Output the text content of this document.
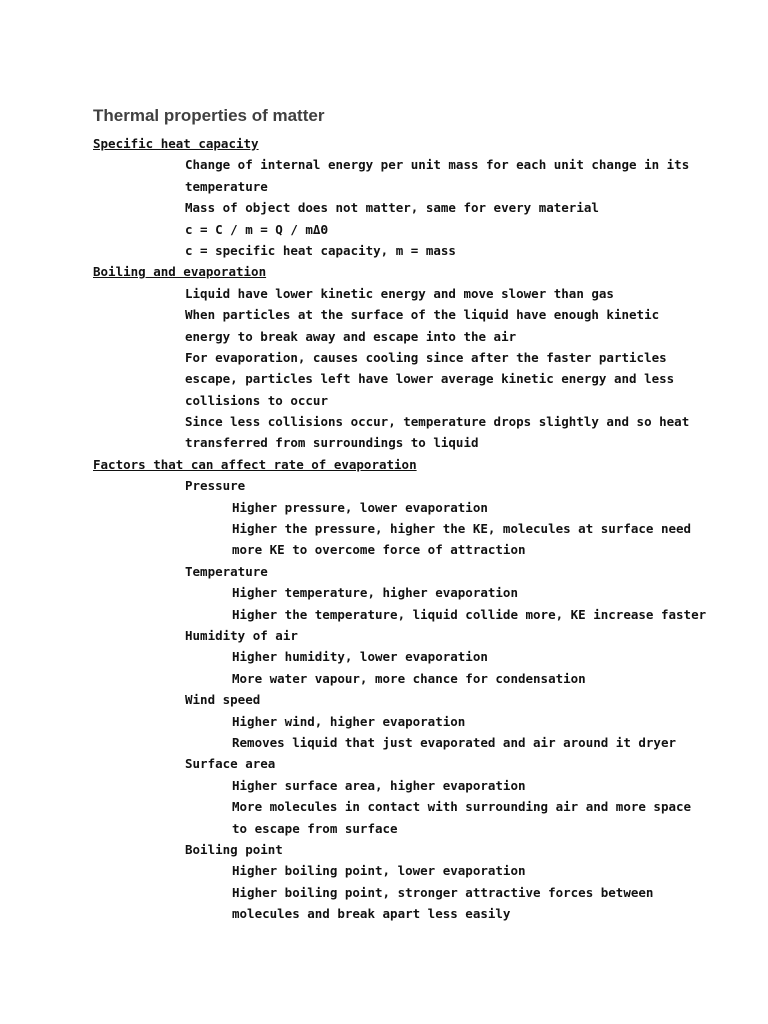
Thermal properties of matter
Specific heat capacity
Change of internal energy per unit mass for each unit change in its
temperature
Mass of object does not matter, same for every material
c = C / m = Q / mΔΘ
c = specific heat capacity, m = mass
Boiling and evaporation
Liquid have lower kinetic energy and move slower than gas
When particles at the surface of the liquid have enough kinetic
energy to break away and escape into the air
For evaporation, causes cooling since after the faster particles
escape, particles left have lower average kinetic energy and less
collisions to occur
Since less collisions occur, temperature drops slightly and so heat
transferred from surroundings to liquid
Factors that can affect rate of evaporation
Pressure
Higher pressure, lower evaporation
Higher the pressure, higher the KE, molecules at surface need
more KE to overcome force of attraction
Temperature
Higher temperature, higher evaporation
Higher the temperature, liquid collide more, KE increase faster
Humidity of air
Higher humidity, lower evaporation
More water vapour, more chance for condensation
Wind speed
Higher wind, higher evaporation
Removes liquid that just evaporated and air around it dryer
Surface area
Higher surface area, higher evaporation
More molecules in contact with surrounding air and more space
to escape from surface
Boiling point
Higher boiling point, lower evaporation
Higher boiling point, stronger attractive forces between
molecules and break apart less easily
